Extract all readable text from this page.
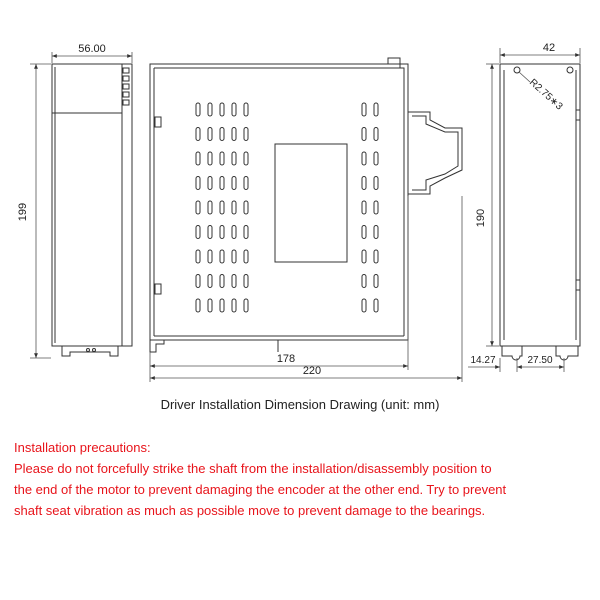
56.00
199
178
220
42
190
R2.75∗3
14.27	27.50
Driver Installation Dimension Drawing (unit: mm)
Installation precautions:
Please do not forcefully strike the shaft from the installation/disassembly position to
the end of the motor to prevent damaging the encoder at the other end. Try to prevent
shaft seat vibration as much as possible move to prevent damage to the bearings.
